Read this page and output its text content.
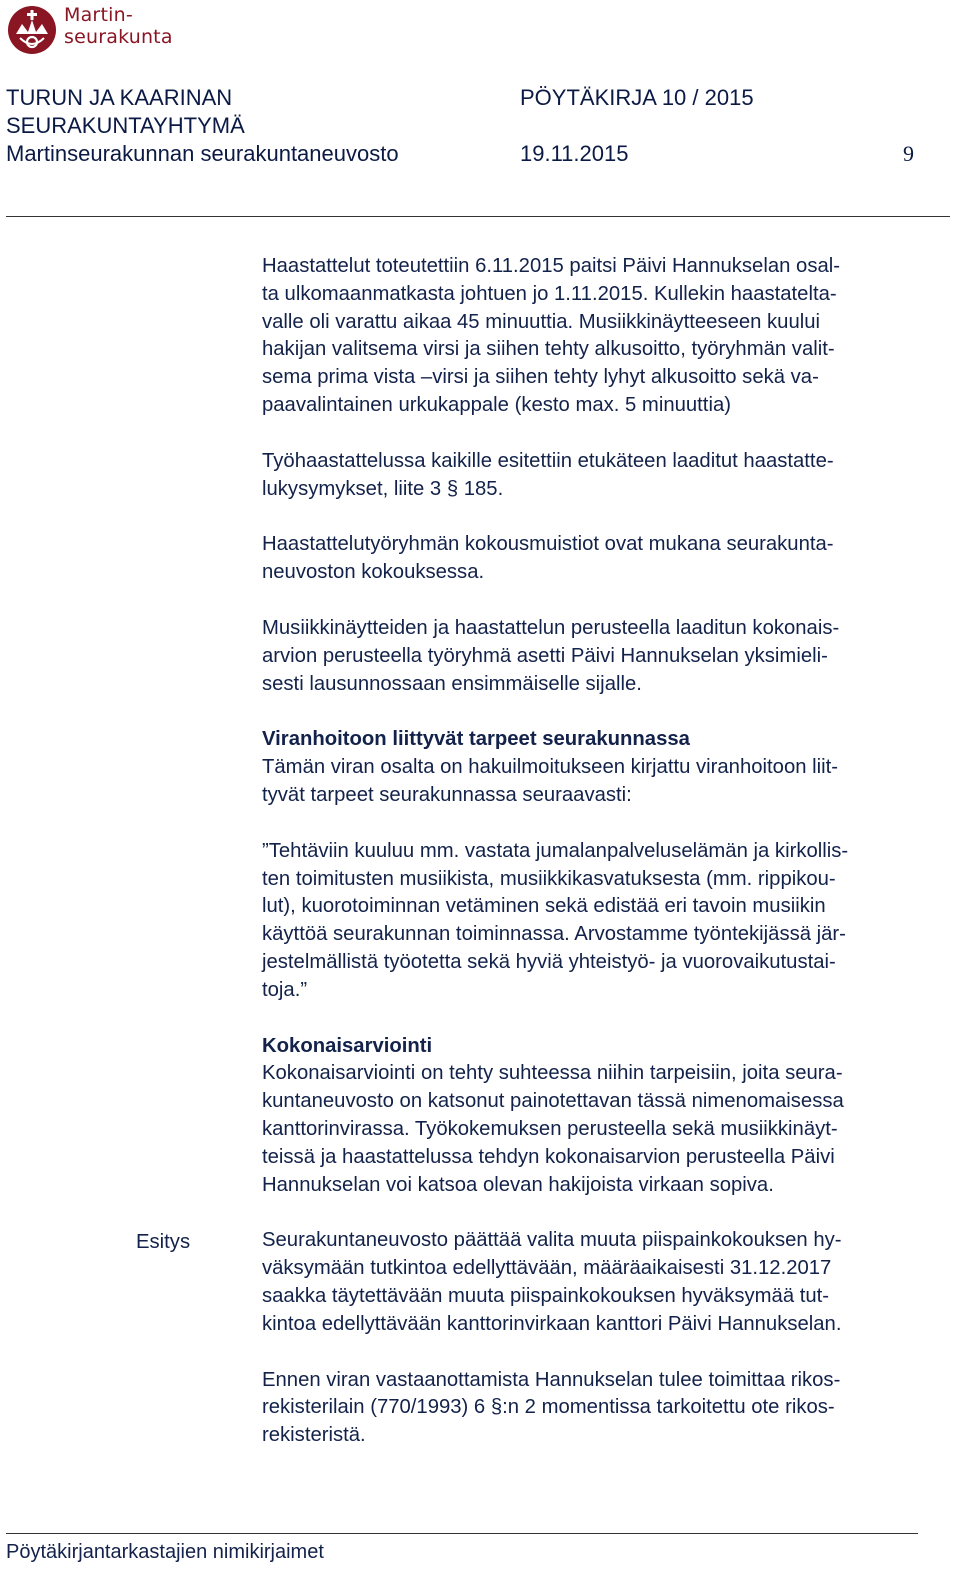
Martin-
seurakunta
TURUN JA KAARINAN
SEURAKUNTAYHTYMÄ
Martinseurakunnan seurakuntaneuvosto
PÖYTÄKIRJA 10 / 2015
19.11.2015	9

Haastattelut toteutettiin 6.11.2015 paitsi Päivi Hannukselan osal-
ta ulkomaanmatkasta johtuen jo 1.11.2015. Kullekin haastatelta-
valle oli varattu aikaa 45 minuuttia. Musiikkinäytteeseen kuului
hakijan valitsema virsi ja siihen tehty alkusoitto, työryhmän valit-
sema prima vista –virsi ja siihen tehty lyhyt alkusoitto sekä va-
paavalintainen urkukappale (kesto max. 5 minuuttia)

Työhaastattelussa kaikille esitettiin etukäteen laaditut haastatte-
lukysymykset, liite 3 § 185.

Haastattelutyöryhmän kokousmuistiot ovat mukana seurakunta-
neuvoston kokouksessa.

Musiikkinäytteiden ja haastattelun perusteella laaditun kokonais-
arvion perusteella työryhmä asetti Päivi Hannukselan yksimieli-
sesti lausunnossaan ensimmäiselle sijalle.

Viranhoitoon liittyvät tarpeet seurakunnassa

Tämän viran osalta on hakuilmoitukseen kirjattu viranhoitoon liit-
tyvät tarpeet seurakunnassa seuraavasti:

”Tehtäviin kuuluu mm. vastata jumalanpalveluselämän ja kirkollis-
ten toimitusten musiikista, musiikkikasvatuksesta (mm. rippikou-
lut), kuorotoiminnan vetäminen sekä edistää eri tavoin musiikin
käyttöä seurakunnan toiminnassa. Arvostamme työntekijässä jär-
jestelmällistä työotetta sekä hyviä yhteistyö- ja vuorovaikutustai-
toja.”

Kokonaisarviointi

Kokonaisarviointi on tehty suhteessa niihin tarpeisiin, joita seura-
kuntaneuvosto on katsonut painotettavan tässä nimenomaisessa
kanttorinvirassa. Työkokemuksen perusteella sekä musiikkinäyt-
teissä ja haastattelussa tehdyn kokonaisarvion perusteella Päivi
Hannukselan voi katsoa olevan hakijoista virkaan sopiva.

Seurakuntaneuvosto päättää valita muuta piispainkokouksen hy-
väksymään tutkintoa edellyttävään, määräaikaisesti 31.12.2017
saakka täytettävään muuta piispainkokouksen hyväksymää tut-
kintoa edellyttävään kanttorinvirkaan kanttori Päivi Hannukselan.

Ennen viran vastaanottamista Hannukselan tulee toimittaa rikos-
rekisterilain (770/1993) 6 §:n 2 momentissa tarkoitettu ote rikos-
rekisteristä.

Esitys
Pöytäkirjantarkastajien nimikirjaimet
